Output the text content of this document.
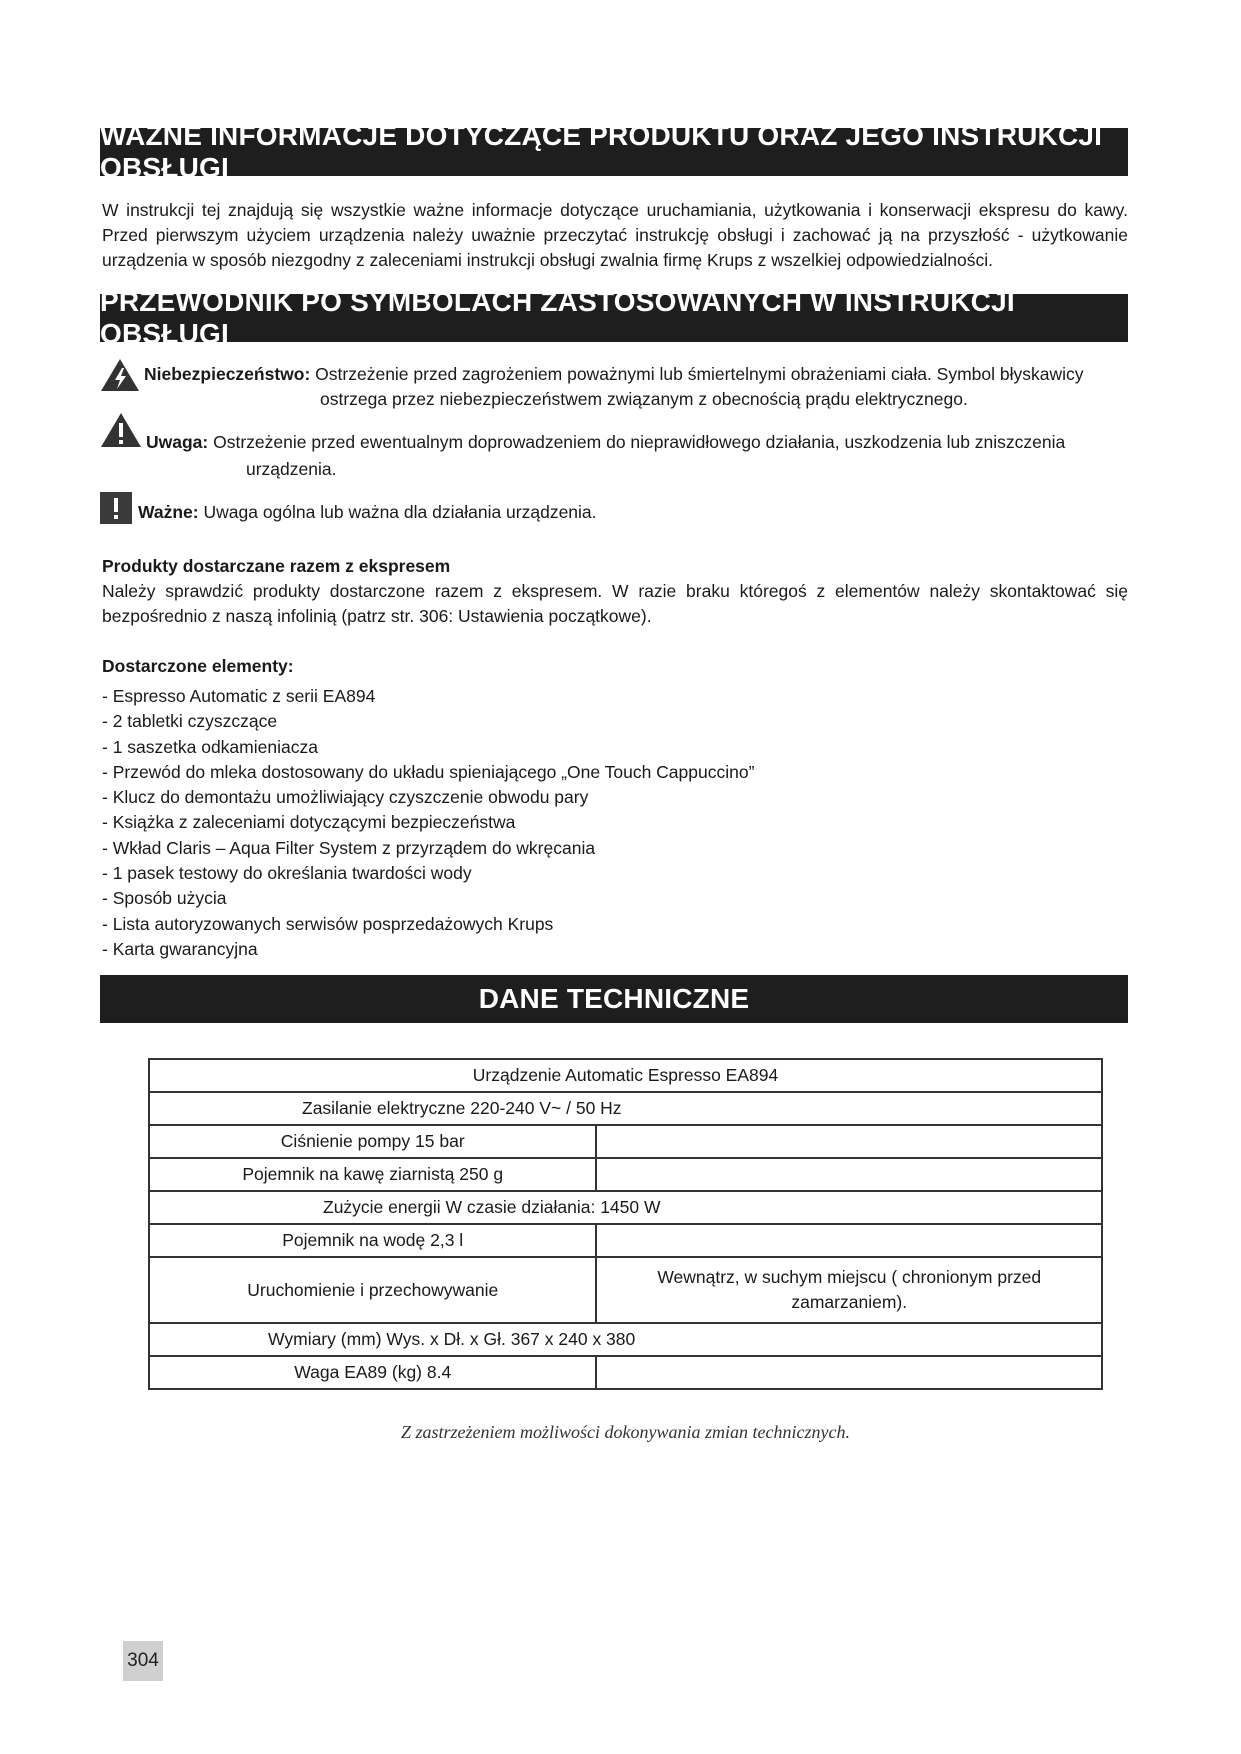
WAŻNE INFORMACJE DOTYCZĄCE PRODUKTU ORAZ JEGO INSTRUKCJI OBSŁUGI
W instrukcji tej znajdują się wszystkie ważne informacje dotyczące uruchamiania, użytkowania i konserwacji ekspresu do kawy. Przed pierwszym użyciem urządzenia należy uważnie przeczytać instrukcję obsługi i zachować ją na przyszłość - użytkowanie urządzenia w sposób niezgodny z zaleceniami instrukcji obsługi zwalnia firmę Krups z wszelkiej odpowiedzialności.
PRZEWODNIK PO SYMBOLACH ZASTOSOWANYCH W INSTRUKCJI OBSŁUGI
Niebezpieczeństwo: Ostrzeżenie przed zagrożeniem poważnymi lub śmiertelnymi obrażeniami ciała. Symbol błyskawicy
ostrzega przez niebezpieczeństwem związanym z obecnością prądu elektrycznego.
Uwaga: Ostrzeżenie przed ewentualnym doprowadzeniem do nieprawidłowego działania, uszkodzenia lub zniszczenia
urządzenia.
Ważne: Uwaga ogólna lub ważna dla działania urządzenia.
Produkty dostarczane razem z ekspresem
Należy sprawdzić produkty dostarczone razem z ekspresem. W razie braku któregoś z elementów należy skontaktować się bezpośrednio z naszą infolinią (patrz str. 306: Ustawienia początkowe).
Dostarczone elementy:
- Espresso Automatic z serii EA894
- 2 tabletki czyszczące
- 1 saszetka odkamieniacza
- Przewód do mleka dostosowany do układu spieniającego „One Touch Cappuccino”
- Klucz do demontażu umożliwiający czyszczenie obwodu pary
- Książka z zaleceniami dotyczącymi bezpieczeństwa
- Wkład Claris – Aqua Filter System z przyrządem do wkręcania
- 1 pasek testowy do określania twardości wody
- Sposób użycia
- Lista autoryzowanych serwisów posprzedażowych Krups
- Karta gwarancyjna
DANE TECHNICZNE
Urządzenie Automatic Espresso EA894	
Zasilanie elektryczne 220-240 V~ / 50 Hz	
Ciśnienie pompy 15 bar	
Pojemnik na kawę ziarnistą 250 g	
Zużycie energii W czasie działania: 1450 W	
Pojemnik na wodę 2,3 l	
Uruchomienie i przechowywanie	Wewnątrz, w suchym miejscu ( chronionym przed zamarzaniem).
Wymiary (mm) Wys. x Dł. x Gł. 367 x 240 x 380	
Waga EA89 (kg) 8.4	
Z zastrzeżeniem możliwości dokonywania zmian technicznych.
304
